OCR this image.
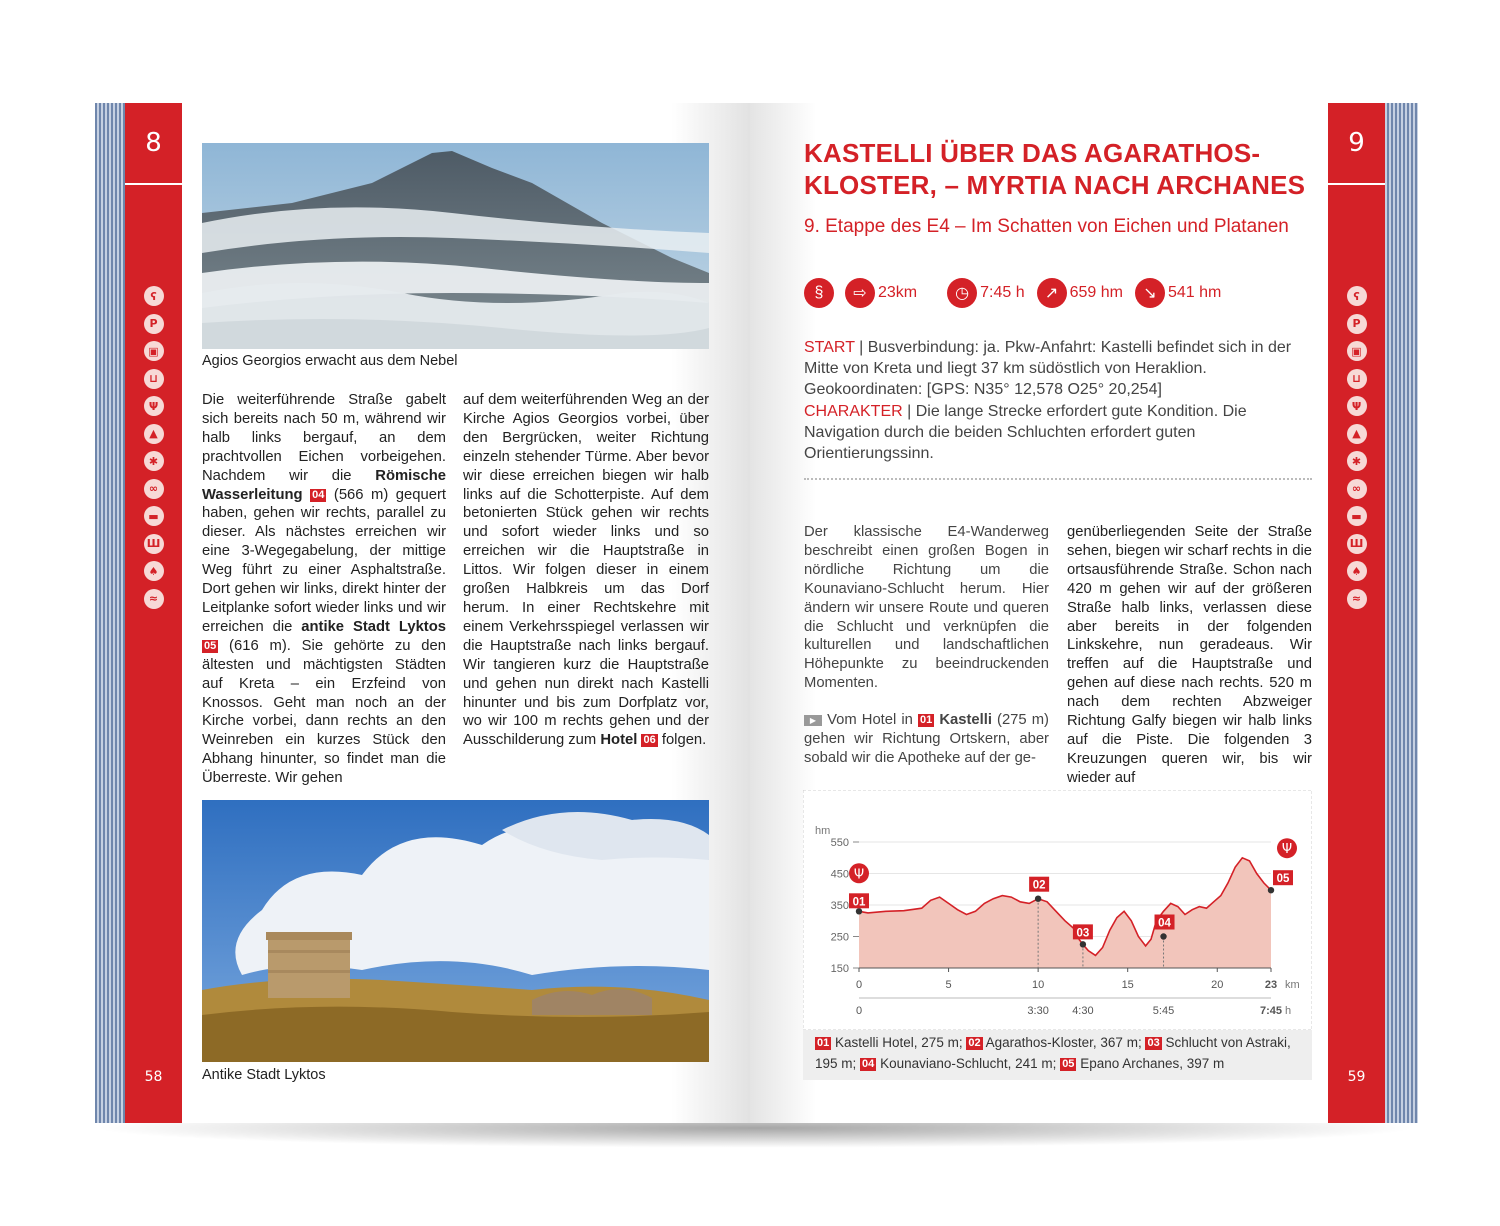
8
ʕ
P
▣
⊔
Ψ
▲
✱
∞
▬
Ш
♠
≈
58
Agios Georgios erwacht aus dem Nebel
Die weiterführende Straße gabelt sich bereits nach 50 m, während wir halb links bergauf, an dem prachtvollen Eichen vorbeigehen. Nachdem wir die Römische Wasserleitung 04 (566 m) gequert haben, gehen wir rechts, parallel zu dieser. Als nächstes erreichen wir eine 3-Wegegabelung, der mittige Weg führt zu einer Asphaltstraße. Dort gehen wir links, direkt hinter der Leitplanke sofort wieder links und wir erreichen die antike Stadt Lyktos 05 (616 m). Sie gehörte zu den ältesten und mächtigsten Städten auf Kreta – ein Erzfeind von Knossos. Geht man noch an der Kirche vorbei, dann rechts an den Weinreben ein kurzes Stück den Abhang hinunter, so findet man die Überreste. Wir gehen
auf dem weiterführenden Weg an der Kirche Agios Georgios vorbei, über den Bergrücken, weiter Richtung einzeln stehender Türme. Aber bevor wir diese erreichen biegen wir halb links auf die Schotterpiste. Auf dem betonierten Stück gehen wir rechts und sofort wieder links und so erreichen wir die Hauptstraße in Littos. Wir folgen dieser in einem großen Halbkreis um das Dorf herum. In einer Rechtskehre mit einem Verkehrsspiegel verlassen wir die Hauptstraße nach links bergauf. Wir tangieren kurz die Hauptstraße und gehen nun direkt nach Kastelli hinunter und bis zum Dorfplatz vor, wo wir 100 m rechts gehen und der Ausschilderung zum Hotel 06 folgen.
Antike Stadt Lyktos
9
ʕ
P
▣
⊔
Ψ
▲
✱
∞
▬
Ш
♠
≈
59
KASTELLI ÜBER DAS AGARATHOS-
KLOSTER, – MYRTIA NACH ARCHANES
9. Etappe des E4 – Im Schatten von Eichen und Platanen
§	⇨ 23km	◷ 7:45 h	↗ 659 hm	↘ 541 hm
START | Busverbindung: ja. Pkw-Anfahrt: Kastelli befindet sich in der Mitte von Kreta und liegt 37 km südöstlich von Heraklion. Geokoordinaten: [GPS: N35° 12,578 O25° 20,254]
CHARAKTER | Die lange Strecke erfordert gute Kondition. Die Navigation durch die beiden Schluchten erfordert guten Orientierungssinn.
Der klassische E4-Wanderweg beschreibt einen großen Bogen in nördliche Richtung um die Kounaviano-Schlucht herum. Hier ändern wir unsere Route und queren die Schlucht und verknüpfen die kulturellen und landschaftlichen Höhepunkte zu beeindruckenden Momenten.
▶ Vom Hotel in 01 Kastelli (275 m) gehen wir Richtung Ortskern, aber sobald wir die Apotheke auf der ge-
genüberliegenden Seite der Straße sehen, biegen wir scharf rechts in die ortsausführende Straße. Schon nach 420 m gehen wir auf der größeren Straße halb links, verlassen diese aber bereits in der folgenden Linkskehre, nun geradeaus. Wir treffen auf die Hauptstraße und gehen auf diese nach rechts. 520 m nach dem rechten Abzweiger Richtung Galfy biegen wir halb links auf die Piste. Die folgenden 3 Kreuzungen queren wir, bis wir wieder auf
hm
550
450
350
250
150
0	5	10	15	20	23 km
0	3:30 4:30	5:45	7:45 h
01
02
03
04
05
Ψ
Ψ
01 Kastelli Hotel, 275 m; 02 Agarathos-Kloster, 367 m; 03 Schlucht von Astraki, 195 m; 04 Kounaviano-Schlucht, 241 m; 05 Epano Archanes, 397 m
